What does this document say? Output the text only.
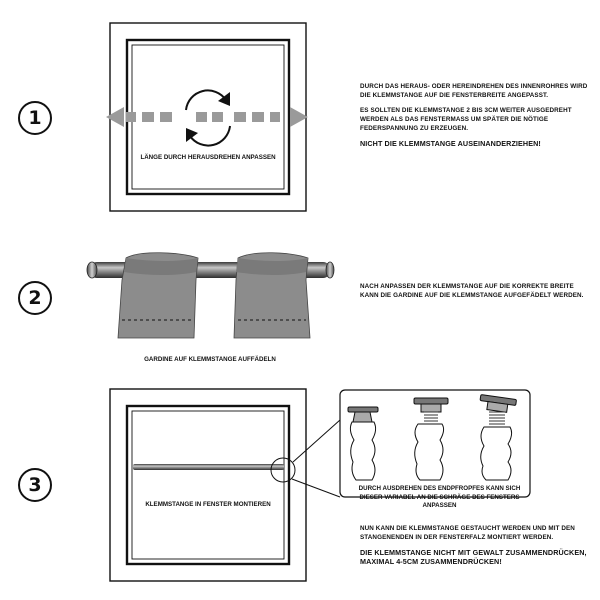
1
2
3
LÄNGE DURCH HERAUSDREHEN ANPASSEN

DURCH DAS HERAUS- ODER HEREINDREHEN DES INNENROHRES WIRD DIE KLEMMSTANGE AUF DIE FENSTERBREITE ANGEPASST.

ES SOLLTEN DIE KLEMMSTANGE 2 BIS 3CM WEITER AUSGEDREHT WERDEN ALS DAS FENSTERMASS UM SPÄTER DIE NÖTIGE FEDERSPANNUNG ZU ERZEUGEN.

NICHT DIE KLEMMSTANGE AUSEINANDERZIEHEN!

GARDINE AUF KLEMMSTANGE AUFFÄDELN

NACH ANPASSEN DER KLEMMSTANGE AUF DIE KORREKTE BREITE KANN DIE GARDINE AUF DIE KLEMMSTANGE AUFGEFÄDELT WERDEN.

KLEMMSTANGE IN FENSTER MONTIEREN
DURCH AUSDREHEN DES ENDPFROPFES KANN SICH DIESER VARIABEL AN DIE SCHRÄGE DES FENSTERS ANPASSEN

NUN KANN DIE KLEMMSTANGE GESTAUCHT WERDEN UND MIT DEN STANGENENDEN IN DER FENSTERFALZ MONTIERT WERDEN.

DIE KLEMMSTANGE NICHT MIT GEWALT ZUSAMMENDRÜCKEN, MAXIMAL 4-5CM ZUSAMMENDRÜCKEN!
